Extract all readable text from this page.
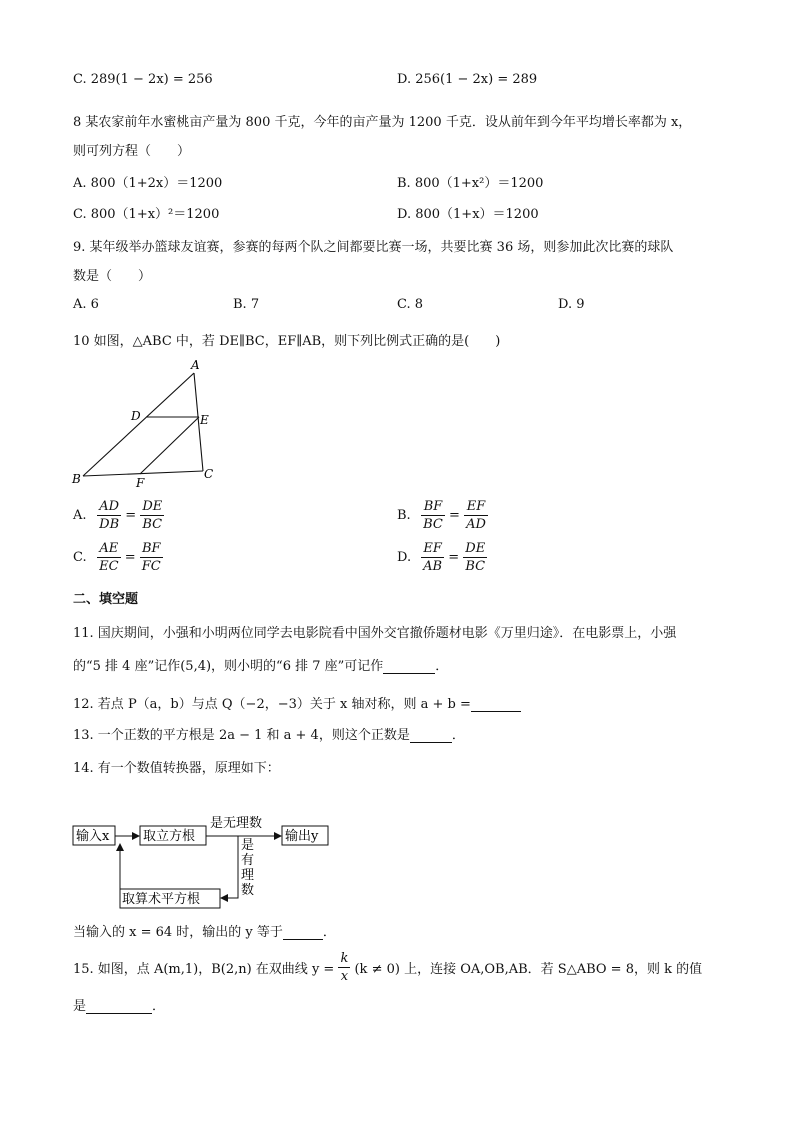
C. 289(1 − 2x) = 256	D. 256(1 − 2x) = 289
8 某农家前年水蜜桃亩产量为 800 千克，今年的亩产量为 1200 千克．设从前年到今年平均增长率都为 x，
则可列方程（　　）
A. 800（1+2x）＝1200	B. 800（1+x²）＝1200
C. 800（1+x）²＝1200	D. 800（1+x）＝1200
9. 某年级举办篮球友谊赛，参赛的每两个队之间都要比赛一场，共要比赛 36 场，则参加此次比赛的球队
数是（　　）
A. 6	B. 7	C. 8	D. 9
10 如图，△ABC 中，若 DE∥BC，EF∥AB，则下列比例式正确的是(　　)
A
D	E
B	F
C
A. $\frac{AD}{DB} = \frac{DE}{BC}$	B. $\frac{BF}{BC} = \frac{EF}{AD}$
C. $\frac{AE}{EC} = \frac{BF}{FC}$	D. $\frac{EF}{AB} = \frac{DE}{BC}$
二、填空题
11. 国庆期间，小强和小明两位同学去电影院看中国外交官撤侨题材电影《万里归途》．在电影票上，小强
的“5 排 4 座”记作(5,4)，则小明的“6 排 7 座”可记作	．
12. 若点 P（a，b）与点 Q（−2，−3）关于 x 轴对称，则 a + b =
13. 一个正数的平方根是 2a − 1 和 a + 4，则这个正数是	．
14. 有一个数值转换器，原理如下：
输入x	取立方根	输出y
取算术平方根
是无理数
是
有
理
数
当输入的 x = 64 时，输出的 y 等于	．
15. 如图，点 A(m,1)，B(2,n) 在双曲线 $y = \frac{k}{x} (k \ne 0)$ 上，连接 OA,OB,AB．若 S△ABO = 8，则 k 的值
是	．
